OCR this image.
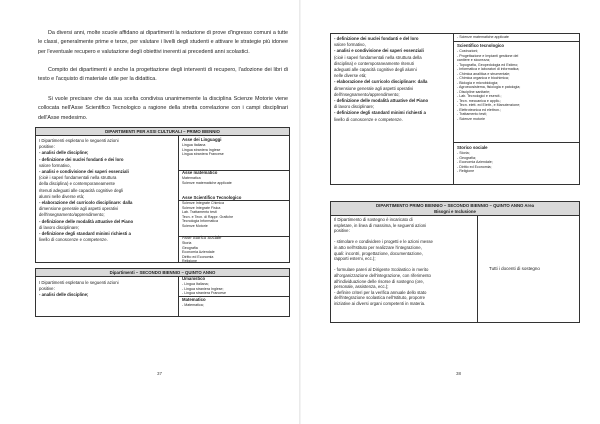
Da diversi anni, molte scuole affidano ai dipartimenti la redazione di prove d'ingresso comuni a tutte le classi, generalmente prime e terze, per valutare i livelli degli studenti e attivare le strategie più idonee per l'eventuale recupero e valutazione degli obiettivi inerenti ai precedenti anni scolastici.

Compito dei dipartimenti è anche la progettazione degli interventi di recupero, l'adozione dei libri di testo e l'acquisto di materiale utile per la didattica.

Si vuole precisare che da sua scelta condivisa unanimemente la disciplina Scienze Motorie viene collocata nell'Asse Scientifico Tecnologico a ragione della stretta correlazione con i campi disciplinari dell'Asse medesimo.

DIPARTIMENTI PER ASSI CULTURALI – PRIMO BIENNIO
I Dipartimenti espletano le seguenti azioni
positive:
- analisi delle discipline;
- definizione dei nuclei fondanti e dei loro
valore formativo,
- analisi e condivisione dei saperi essenziali
(cioè i saperi fondamentali nella struttura
della disciplina) e contemporaneamente
ritenuti adeguati alle capacità cognitive degli
alunni nelle diverse età;
- elaborazione del curricolo disciplinare: dalla
dimensione generale agli aspetti operativi
dell'insegnamento/apprendimento;
- definizione delle modalità attuative del Piano
di lavoro disciplinare;
- definizione degli standard minimi richiesti a
livello di conoscenze e competenze.
Asse dei Linguaggi
Lingua Italiana
Lingua straniera Inglese
Lingua straniera Francese
Asse matematico
Matematica
Scienze matematiche applicate
Asse Scientifico Tecnologico
Scienze Integrate Chimica
Scienze Integrate Fisica
Lab. Trattamento testi
Tecn. e Tecn. di Rappr. Grafiche
Tecnologia Informatica
Scienze Motorie
Asse Storico Sociale
Storia
Geografia
Economia Aziendale
Diritto ed Economia
Religione
Dipartimenti – SECONDO BIENNIO – QUINTO ANNO
I Dipartimenti espletano le seguenti azioni
positive:
- analisi delle discipline;
Umanistico
- Lingua Italiana;
- Lingua straniera Inglese;
- Lingua straniera Francese
Matematico
- Matematica;
37
- definizione dei nuclei fondanti e del loro
valore formativo,
- analisi e condivisione dei saperi essenziali
(cioè i saperi fondamentali nella struttura della
disciplina) e contemporaneamente ritenuti
adeguati alle capacità cognitive degli alunni
nelle diverse età;
- elaborazione del curricolo disciplinare: dalla
dimensione generale agli aspetti operativi
dell'insegnamento/apprendimento;
- definizione delle modalità attuative del Piano
di lavoro disciplinare;
- definizione degli standard minimi richiesti a
livello di conoscenze e competenze.
- Scienze matematiche applicate
Scientifico tecnologico
- Costruzioni;
- Progettazione e Impianti gestione del
cantiere e sicurezza;
- Topografia, Geopedologia ed Estimo;
- Informatica e laboratori di informatica;
- Chimica analitica e strumentale;
- Chimica organica e biochimica;
- Biologia e microbiologia;
- Agroecosistema, fisiologia e patologia;
- Discipline sanitarie;
- Lab. Tecnologici e esercit.;
- Tecn. meccanica e applic.;
- Tecn. elett. ed Elettr., e Manutenzione;
- Elettrotecnica ed elettron.;
- Trattamento testi;
- Scienze motorie
Storico sociale
- Storia;
- Geografia;
- Economia Aziendale;
- Diritto ed Economia;
- Religione
DIPARTIMENTO PRIMO BIENNIO – SECONDO BIENNIO – QUINTO ANNO Area
Bisogni e Inclusione
Il Dipartimento di sostegno è incaricato di
espletare, in linea di massima, le seguenti azioni
positive:

- stimolare e condividere i progetti e le azioni messe
in atto nell'Istituto per realizzare l'integrazione,
quali: incontri, progettazione, documentazione,
rapporti esterni, ecc.);

- formulare pareri al Dirigente Scolastico in merito
all'organizzazione dell'integrazione, con riferimento
all'individuazione delle risorse di sostegno (ore,
personale, assistenza, ecc.);
- definire criteri per la verifica annuale dello stato
dell'integrazione scolastica nell'Istituto, proporre
iniziative ai diversi organi competenti in materia.
Tutti i docenti di sostegno
38
